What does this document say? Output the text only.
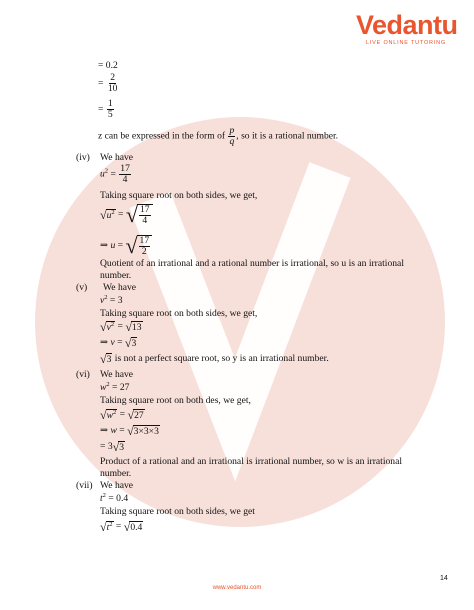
Vedantu
LIVE ONLINE TUTORING
= 0.2
= $\frac{2}{10}$
= $\frac{1}{5}$
z can be expressed in the form of $\frac{p}{q}$ , so it is a rational number.
(iv) We have
$u^2 = \frac{17}{4}$
Taking square root on both sides, we get,
√ $u^2$ = √ $\frac{17}{4}$
⇒ u = √ $\frac{17}{2}$
Quotient of an irrational and a rational number is irrational, so u is an irrational
number.
(v) We have
$v^2 = 3$
Taking square root on both sides, we get,
√ $v^2$ = √ 13
⇒ v = √ 3
√ 3 is not a perfect square root, so y is an irrational number.
(vi) We have
$w^2 = 27$
Taking square root on both des, we get,
√ $w^2$ = √ 27
⇒ w = √ 3×3×3
= 3 √ 3
Product of a rational and an irrational is irrational number, so w is an irrational
number.
(vii) We have
$t^2 = 0.4$
Taking square root on both sides, we get
√ $t^2$ = √ 0.4
14
www.vedantu.com
